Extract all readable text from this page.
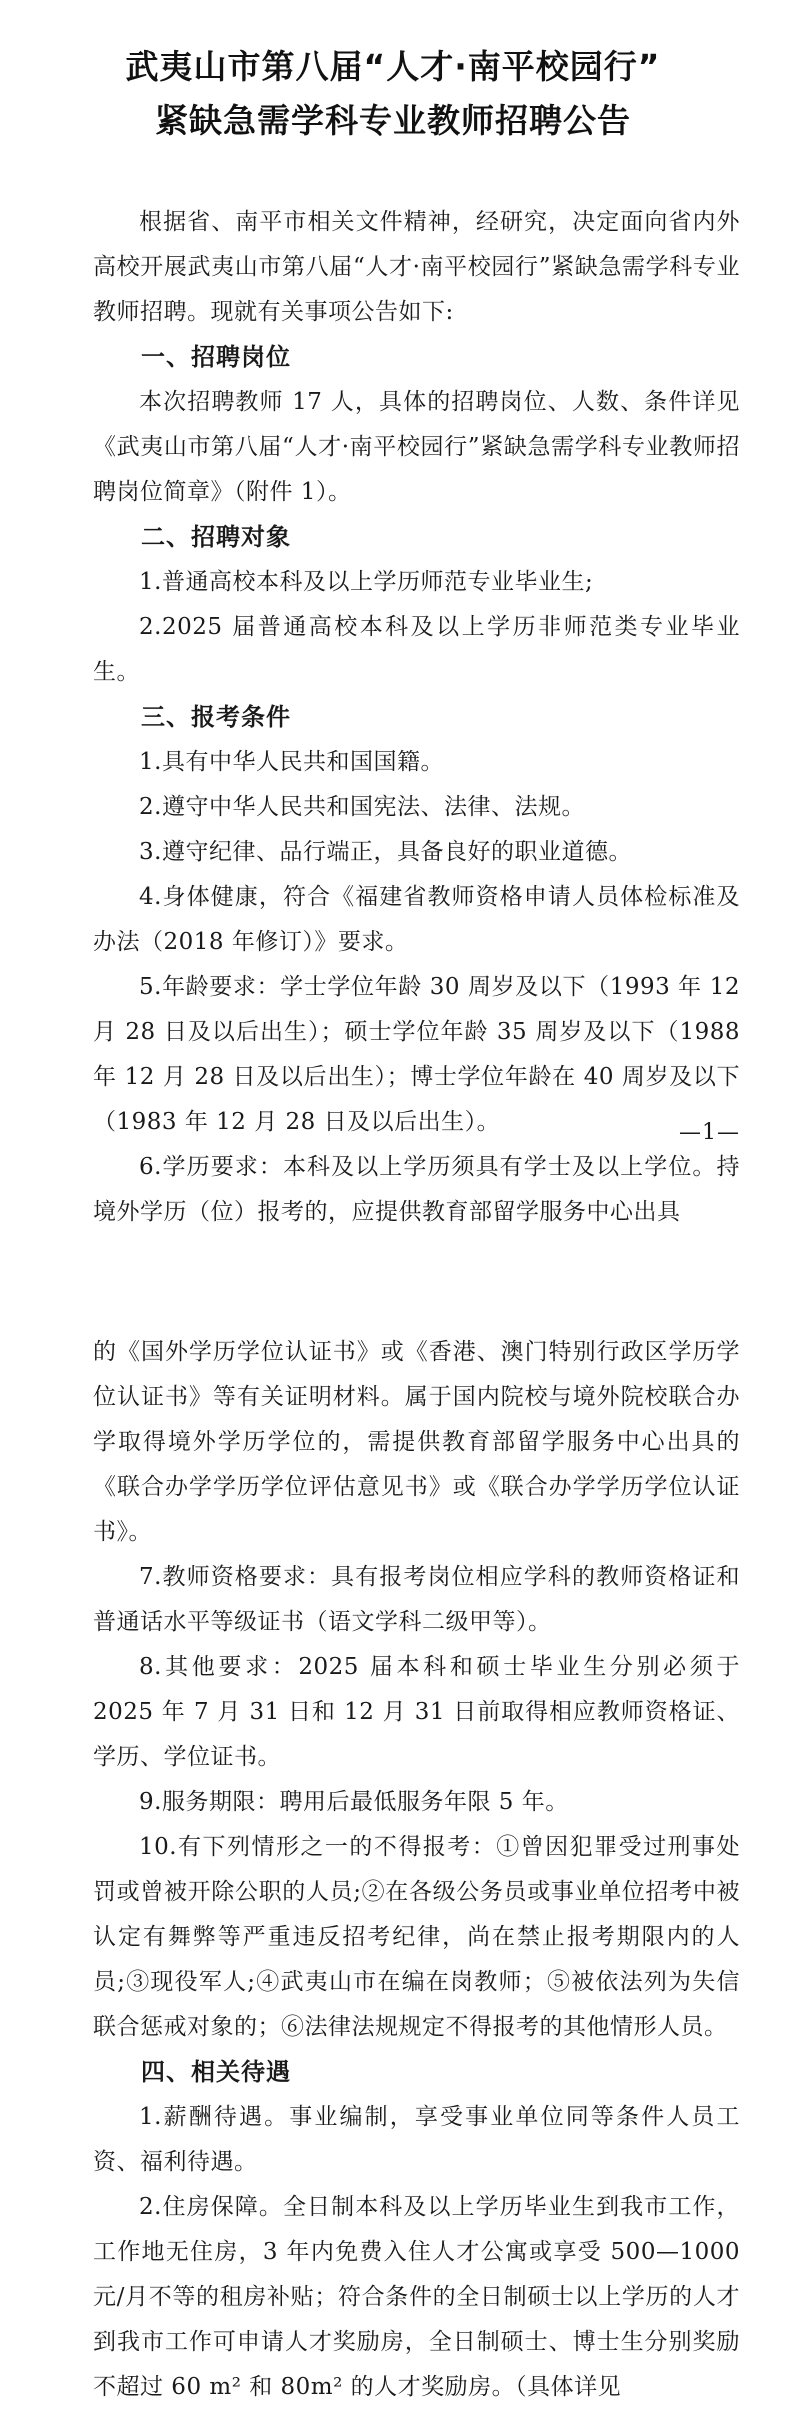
武夷山市第八届“人才·南平校园行”
紧缺急需学科专业教师招聘公告

根据省、南平市相关文件精神，经研究，决定面向省内外高校开展武夷山市第八届“人才·南平校园行”紧缺急需学科专业教师招聘。现就有关事项公告如下:

一、招聘岗位

本次招聘教师 17 人，具体的招聘岗位、人数、条件详见《武夷山市第八届“人才·南平校园行”紧缺急需学科专业教师招聘岗位简章》（附件 1）。

二、招聘对象

1.普通高校本科及以上学历师范专业毕业生;

2.2025 届普通高校本科及以上学历非师范类专业毕业生。

三、报考条件

1.具有中华人民共和国国籍。

2.遵守中华人民共和国宪法、法律、法规。

3.遵守纪律、品行端正，具备良好的职业道德。

4.身体健康，符合《福建省教师资格申请人员体检标准及办法（2018 年修订）》要求。

5.年龄要求：学士学位年龄 30 周岁及以下（1993 年 12 月 28 日及以后出生）；硕士学位年龄 35 周岁及以下（1988 年 12 月 28 日及以后出生）；博士学位年龄在 40 周岁及以下（1983 年 12 月 28 日及以后出生）。

6.学历要求：本科及以上学历须具有学士及以上学位。持境外学历（位）报考的，应提供教育部留学服务中心出具

—1—

的《国外学历学位认证书》或《香港、澳门特别行政区学历学位认证书》等有关证明材料。属于国内院校与境外院校联合办学取得境外学历学位的，需提供教育部留学服务中心出具的《联合办学学历学位评估意见书》或《联合办学学历学位认证书》。

7.教师资格要求：具有报考岗位相应学科的教师资格证和普通话水平等级证书（语文学科二级甲等）。

8.其他要求：2025 届本科和硕士毕业生分别必须于 2025 年 7 月 31 日和 12 月 31 日前取得相应教师资格证、学历、学位证书。

9.服务期限：聘用后最低服务年限 5 年。

10.有下列情形之一的不得报考：①曾因犯罪受过刑事处罚或曾被开除公职的人员;②在各级公务员或事业单位招考中被认定有舞弊等严重违反招考纪律，尚在禁止报考期限内的人员;③现役军人;④武夷山市在编在岗教师；⑤被依法列为失信联合惩戒对象的；⑥法律法规规定不得报考的其他情形人员。

四、相关待遇

1.薪酬待遇。事业编制，享受事业单位同等条件人员工资、福利待遇。

2.住房保障。全日制本科及以上学历毕业生到我市工作，工作地无住房，3 年内免费入住人才公寓或享受 500—1000 元/月不等的租房补贴；符合条件的全日制硕士以上学历的人才到我市工作可申请人才奖励房，全日制硕士、博士生分别奖励不超过 60 m² 和 80m² 的人才奖励房。（具体详见
